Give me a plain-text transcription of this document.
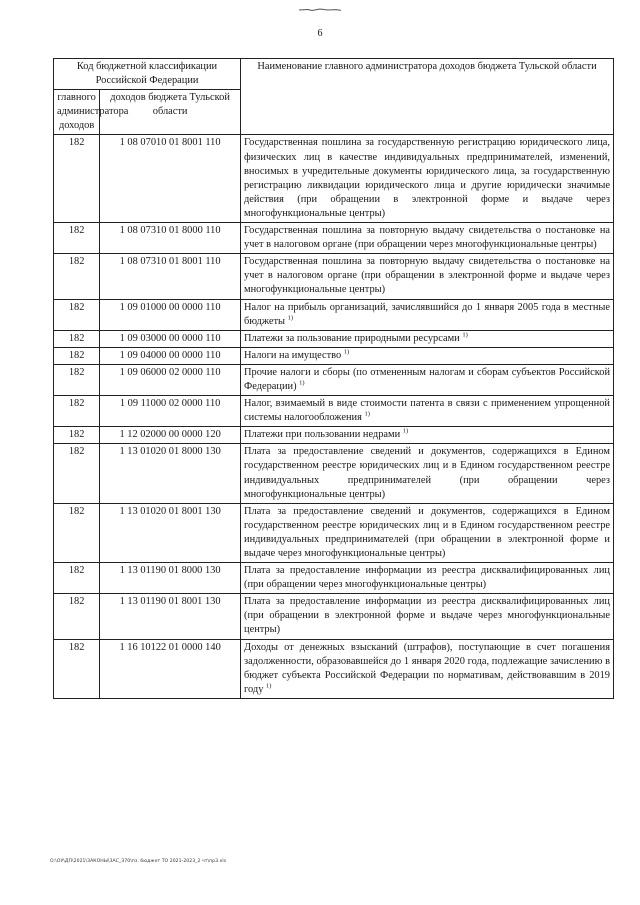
6
Код бюджетной классификации Российской Федерации		Наименование главного администратора доходов бюджета Тульской области
главного администратора доходов	доходов бюджета Тульской области	
182	1 08 07010 01 8001 110	Государственная пошлина за государственную регистрацию юридического лица, физических лиц в качестве индивидуальных предпринимателей, изменений, вносимых в учредительные документы юридического лица, за государственную регистрацию ликвидации юридического лица и другие юридически значимые действия (при обращении в электронной форме и выдаче через многофункциональные центры)
182	1 08 07310 01 8000 110	Государственная пошлина за повторную выдачу свидетельства о постановке на учет в налоговом органе (при обращении через многофункциональные центры)
182	1 08 07310 01 8001 110	Государственная пошлина за повторную выдачу свидетельства о постановке на учет в налоговом органе (при обращении в электронной форме и выдаче через многофункциональные центры)
182	1 09 01000 00 0000 110	Налог на прибыль организаций, зачислявшийся до 1 января 2005 года в местные бюджеты $^{1)}$
182	1 09 03000 00 0000 110	Платежи за пользование природными ресурсами $^{1)}$
182	1 09 04000 00 0000 110	Налоги на имущество $^{1)}$
182	1 09 06000 02 0000 110	Прочие налоги и сборы (по отмененным налогам и сборам субъектов Российской Федерации) $^{1)}$
182	1 09 11000 02 0000 110	Налог, взимаемый в виде стоимости патента в связи с применением упрощенной системы налогообложения $^{1)}$
182	1 12 02000 00 0000 120	Платежи при пользовании недрами $^{1)}$
182	1 13 01020 01 8000 130	Плата за предоставление сведений и документов, содержащихся в Едином государственном реестре юридических лиц и в Едином государственном реестре индивидуальных предпринимателей (при обращении через многофункциональные центры)
182	1 13 01020 01 8001 130	Плата за предоставление сведений и документов, содержащихся в Едином государственном реестре юридических лиц и в Едином государственном реестре индивидуальных предпринимателей (при обращении в электронной форме и выдаче через многофункциональные центры)
182	1 13 01190 01 8000 130	Плата за предоставление информации из реестра дисквалифицированных лиц (при обращении через многофункциональные центры)
182	1 13 01190 01 8001 130	Плата за предоставление информации из реестра дисквалифицированных лиц (при обращении в электронной форме и выдаче через многофункциональные центры)
182	1 16 10122 01 0000 140	Доходы от денежных взысканий (штрафов), поступающие в счет погашения задолженности, образовавшейся до 1 января 2020 года, подлежащие зачислению в бюджет субъекта Российской Федерации по нормативам, действовавшим в 2019 году $^{1)}$
O:\ОУ\ДП\2021\ЗАКОНЫ\ЗАС_370\пз. бюджет ТО 2021-2023_2 чт\пр3.xls
